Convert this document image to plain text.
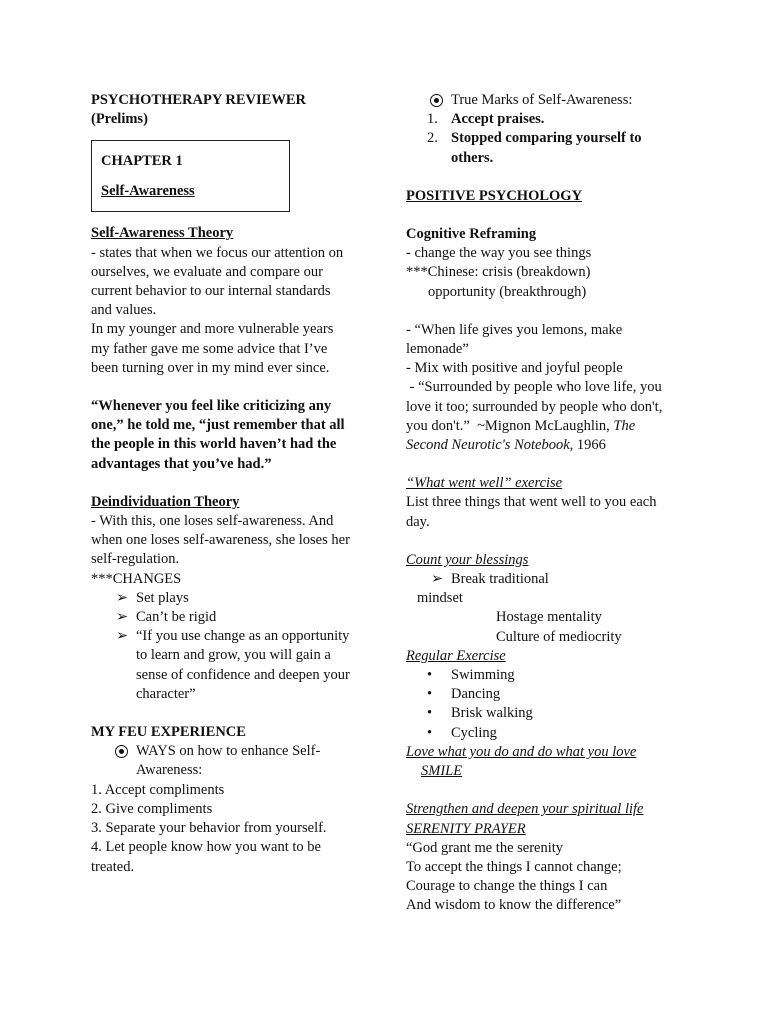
PSYCHOTHERAPY REVIEWER
(Prelims)
CHAPTER 1
Self-Awareness
Self-Awareness Theory
- states that when we focus our attention on
ourselves, we evaluate and compare our
current behavior to our internal standards
and values.
In my younger and more vulnerable years
my father gave me some advice that I’ve
been turning over in my mind ever since.
“Whenever you feel like criticizing any
one,” he told me, “just remember that all
the people in this world haven’t had the
advantages that you’ve had.”
Deindividuation Theory
- With this, one loses self-awareness. And
when one loses self-awareness, she loses her
self-regulation.
***CHANGES
➢ Set plays
➢ Can’t be rigid
➢ “If you use change as an opportunity
to learn and grow, you will gain a
sense of confidence and deepen your
character”
MY FEU EXPERIENCE
WAYS on how to enhance Self-
Awareness:
1. Accept compliments
2. Give compliments
3. Separate your behavior from yourself.
4. Let people know how you want to be
treated.
True Marks of Self-Awareness:
1. Accept praises.
2. Stopped comparing yourself to
others.
POSITIVE PSYCHOLOGY
Cognitive Reframing
- change the way you see things
***Chinese: crisis (breakdown)
opportunity (breakthrough)
- “When life gives you lemons, make
lemonade”
- Mix with positive and joyful people
- “Surrounded by people who love life, you
love it too; surrounded by people who don't,
you don't.”  ~Mignon McLaughlin, The
Second Neurotic's Notebook, 1966
“What went well” exercise
List three things that went well to you each
day.
Count your blessings
➢ Break traditional
mindset
Hostage mentality
Culture of mediocrity
Regular Exercise
• Swimming
• Dancing
• Brisk walking
• Cycling
Love what you do and do what you love
SMILE
Strengthen and deepen your spiritual life
SERENITY PRAYER
“God grant me the serenity
To accept the things I cannot change;
Courage to change the things I can
And wisdom to know the difference”
